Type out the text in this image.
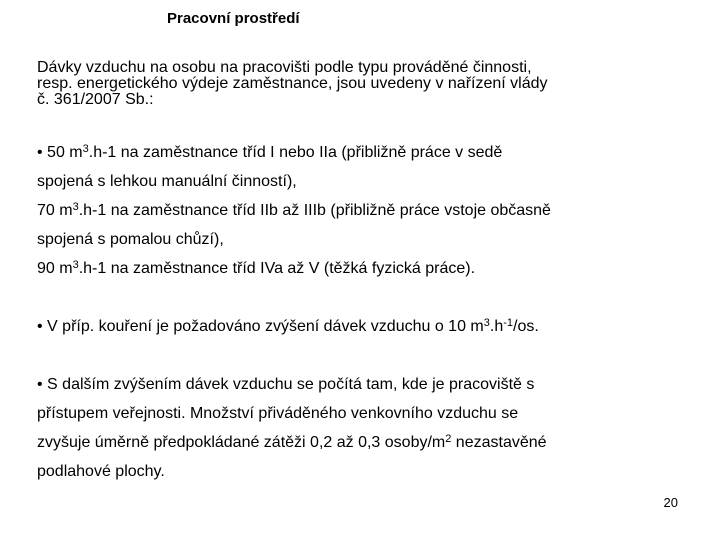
Pracovní prostředí
Dávky vzduchu na osobu na pracovišti podle typu prováděné činnosti,
resp. energetického výdeje zaměstnance, jsou uvedeny v nařízení vlády
č. 361/2007 Sb.:
• 50 $m^3.h-1$ na zaměstnance tříd I nebo IIa (přibližně práce v sedě
spojená s lehkou manuální činností),
70 $m^3.h-1$ na zaměstnance tříd IIb až IIIb (přibližně práce vstoje občasně
spojená s pomalou chůzí),
90 $m^3.h-1$ na zaměstnance tříd IVa až V (těžká fyzická práce).
• V příp. kouření je požadováno zvýšení dávek vzduchu o 10 $m^3.h^{-1}/os$.
• S dalším zvýšením dávek vzduchu se počítá tam, kde je pracoviště s
přístupem veřejnosti. Množství přiváděného venkovního vzduchu se
zvyšuje úměrně předpokládané zátěži 0,2 až 0,3 osoby/$m^2$ nezastavěné
podlahové plochy.
20
